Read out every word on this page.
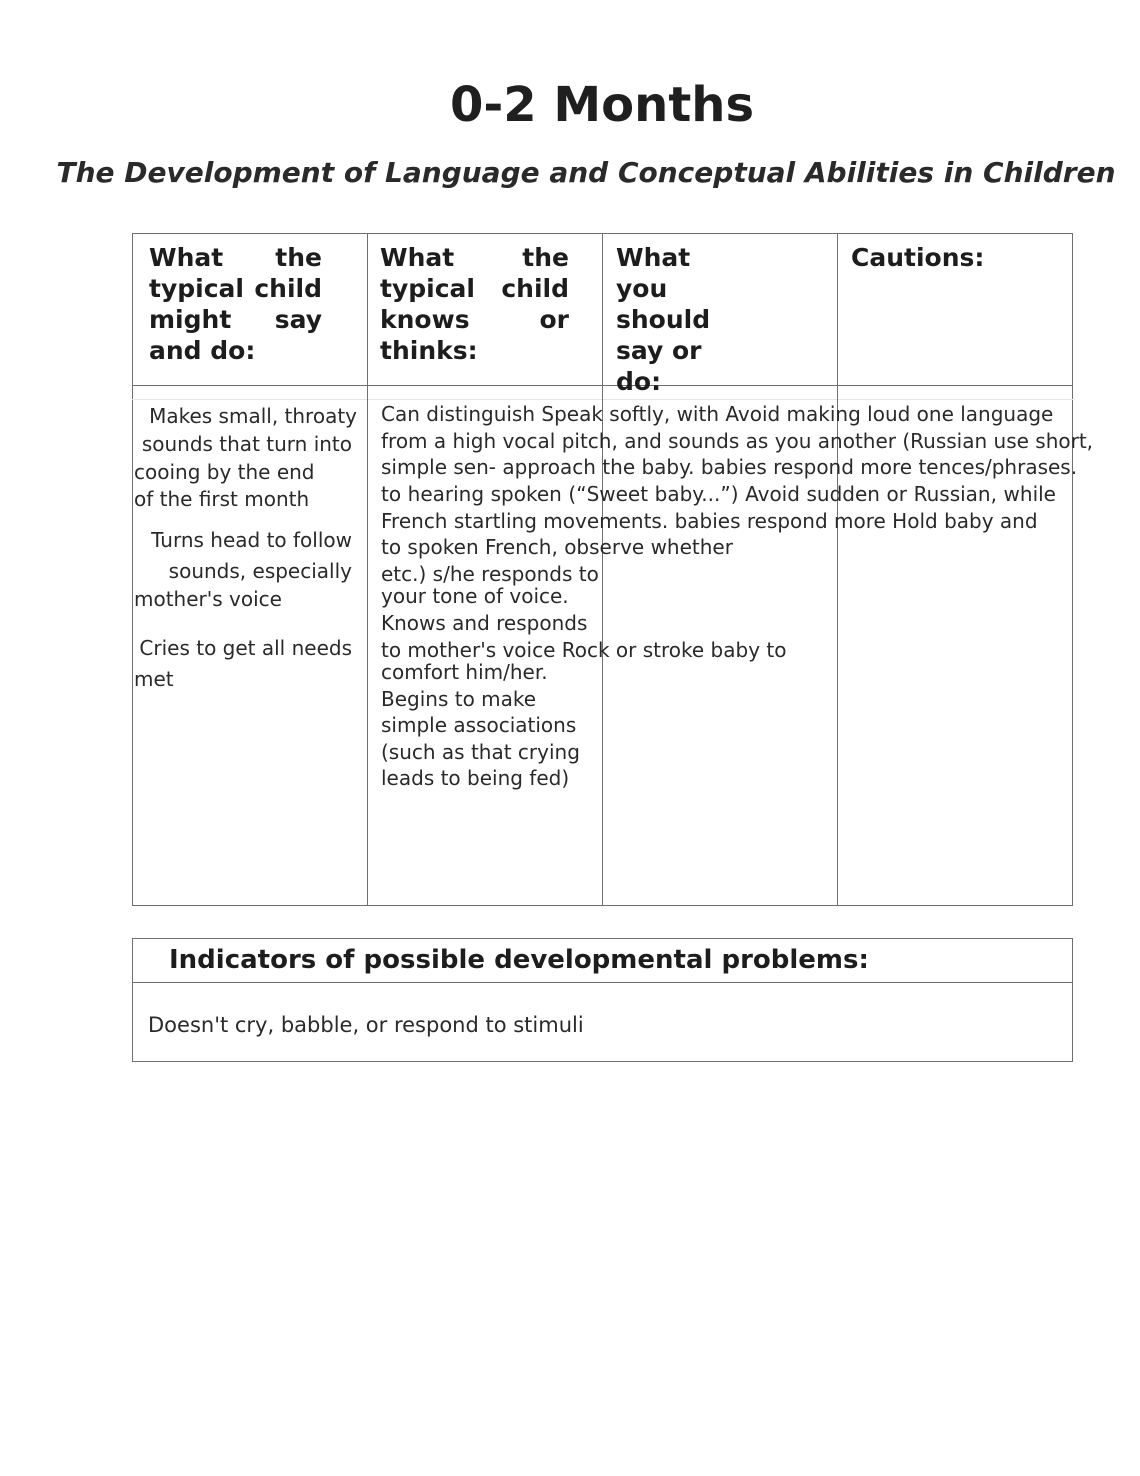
0-2 Months
The Development of Language and Conceptual Abilities in Children
What the typical child might say and do:
What the typical child knows or thinks:
What you should say or do:
Cautions:
Makes small, throaty
sounds that turn into
cooing by the end
of the first month
Turns head to follow
sounds, especially
mother's voice
Cries to get all needs
met
Can distinguish Speak softly, with Avoid making loud one language
from a high vocal pitch, and sounds as you another (Russian use short,
simple sen- approach the baby. babies respond more tences/phrases.
to hearing spoken (“Sweet baby...”) Avoid sudden or Russian, while
French startling movements. babies respond more Hold baby and
to spoken French, observe whether
etc.) s/he responds to
your tone of voice.
Knows and responds
to mother's voice Rock or stroke baby to
comfort him/her.
Begins to make
simple associations
(such as that crying
leads to being fed)
Indicators of possible developmental problems:
Doesn't cry, babble, or respond to stimuli
